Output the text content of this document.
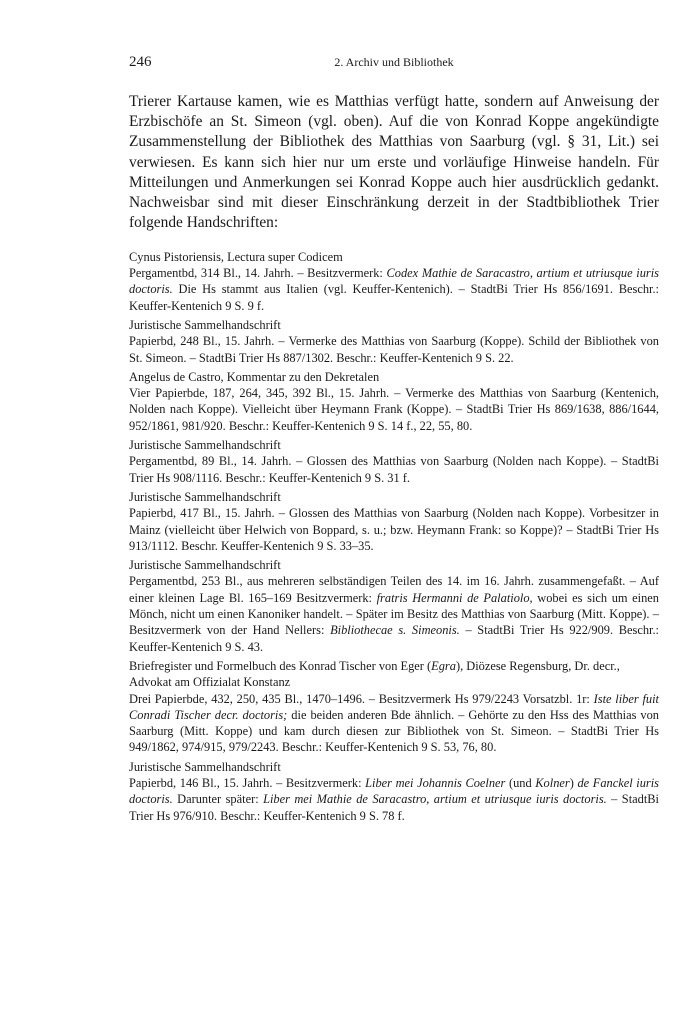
246	2. Archiv und Bibliothek

Trierer Kartause kamen, wie es Matthias verfügt hatte, sondern auf Anweisung der Erzbischöfe an St. Simeon (vgl. oben). Auf die von Konrad Koppe angekündigte Zusammenstellung der Bibliothek des Matthias von Saarburg (vgl. § 31, Lit.) sei verwiesen. Es kann sich hier nur um erste und vorläufige Hinweise handeln. Für Mitteilungen und Anmerkungen sei Konrad Koppe auch hier ausdrücklich gedankt. Nachweisbar sind mit dieser Einschränkung derzeit in der Stadtbibliothek Trier folgende Handschriften:

Cynus Pistoriensis, Lectura super Codicem
Pergamentbd, 314 Bl., 14. Jahrh. – Besitzvermerk: Codex Mathie de Saracastro, artium et utriusque iuris doctoris. Die Hs stammt aus Italien (vgl. Keuffer-Kentenich). – StadtBi Trier Hs 856/1691. Beschr.: Keuffer-Kentenich 9 S. 9 f.
Juristische Sammelhandschrift
Papierbd, 248 Bl., 15. Jahrh. – Vermerke des Matthias von Saarburg (Koppe). Schild der Bibliothek von St. Simeon. – StadtBi Trier Hs 887/1302. Beschr.: Keuffer-Kentenich 9 S. 22.
Angelus de Castro, Kommentar zu den Dekretalen
Vier Papierbde, 187, 264, 345, 392 Bl., 15. Jahrh. – Vermerke des Matthias von Saarburg (Kentenich, Nolden nach Koppe). Vielleicht über Heymann Frank (Koppe). – StadtBi Trier Hs 869/1638, 886/1644, 952/1861, 981/920. Beschr.: Keuffer-Kentenich 9 S. 14 f., 22, 55, 80.
Juristische Sammelhandschrift
Pergamentbd, 89 Bl., 14. Jahrh. – Glossen des Matthias von Saarburg (Nolden nach Koppe). – StadtBi Trier Hs 908/1116. Beschr.: Keuffer-Kentenich 9 S. 31 f.
Juristische Sammelhandschrift
Papierbd, 417 Bl., 15. Jahrh. – Glossen des Matthias von Saarburg (Nolden nach Koppe). Vorbesitzer in Mainz (vielleicht über Helwich von Boppard, s. u.; bzw. Heymann Frank: so Koppe)? – StadtBi Trier Hs 913/1112. Beschr. Keuffer-Kentenich 9 S. 33–35.
Juristische Sammelhandschrift
Pergamentbd, 253 Bl., aus mehreren selbständigen Teilen des 14. im 16. Jahrh. zusammengefaßt. – Auf einer kleinen Lage Bl. 165–169 Besitzvermerk: fratris Hermanni de Palatiolo, wobei es sich um einen Mönch, nicht um einen Kanoniker handelt. – Später im Besitz des Matthias von Saarburg (Mitt. Koppe). – Besitzvermerk von der Hand Nellers: Bibliothecae s. Simeonis. – StadtBi Trier Hs 922/909. Beschr.: Keuffer-Kentenich 9 S. 43.
Briefregister und Formelbuch des Konrad Tischer von Eger (Egra), Diözese Regensburg, Dr. decr., Advokat am Offizialat Konstanz
Drei Papierbde, 432, 250, 435 Bl., 1470–1496. – Besitzvermerk Hs 979/2243 Vorsatzbl. 1r: Iste liber fuit Conradi Tischer decr. doctoris; die beiden anderen Bde ähnlich. – Gehörte zu den Hss des Matthias von Saarburg (Mitt. Koppe) und kam durch diesen zur Bibliothek von St. Simeon. – StadtBi Trier Hs 949/1862, 974/915, 979/2243. Beschr.: Keuffer-Kentenich 9 S. 53, 76, 80.
Juristische Sammelhandschrift
Papierbd, 146 Bl., 15. Jahrh. – Besitzvermerk: Liber mei Johannis Coelner (und Kolner) de Fanckel iuris doctoris. Darunter später: Liber mei Mathie de Saracastro, artium et utriusque iuris doctoris. – StadtBi Trier Hs 976/910. Beschr.: Keuffer-Kentenich 9 S. 78 f.
